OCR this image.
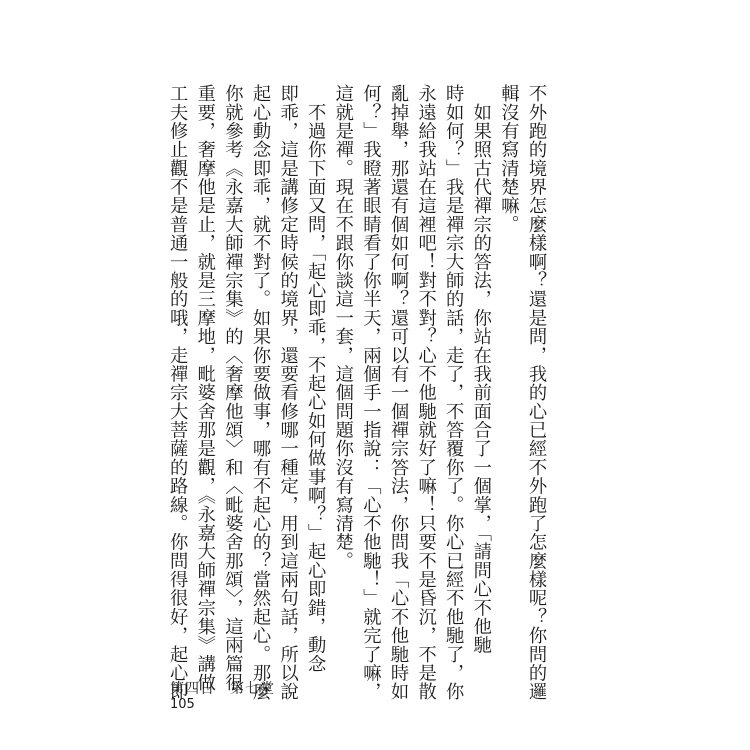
不外跑的境界怎麼樣啊？還是問，我的心已經不外跑了怎麼樣呢？你問的邏
輯沒有寫清楚嘛。
　如果照古代禪宗的答法，你站在我前面合了一個掌，「請問心不他馳
時如何？」我是禪宗大師的話，走了，不答覆你了。你心已經不他馳了，你
永遠給我站在這裡吧！對不對？心不他馳就好了嘛！只要不是昏沉，不是散
亂掉舉，那還有個如何啊？還可以有一個禪宗答法，你問我「心不他馳時如
何？」我瞪著眼睛看了你半天，兩個手一指說：「心不他馳！」就完了嘛，
這就是禪。現在不跟你談這一套，這個問題你沒有寫清楚。
　不過你下面又問，「起心即乖，不起心如何做事啊？」起心即錯，動念
即乖，這是講修定時候的境界，還要看修哪一種定，用到這兩句話，所以說
起心動念即乖，就不對了。如果你要做事，哪有不起心的？當然起心。那麼
你就參考《永嘉大師禪宗集》的〈奢摩他頌〉和〈毗婆舍那頌〉，這兩篇很
重要，奢摩他是止，就是三摩地，毗婆舍那是觀，《永嘉大師禪宗集》講做
工夫修止觀不是普通一般的哦，走禪宗大菩薩的路線。你問得很好，起心即
第四日　第七堂
105
